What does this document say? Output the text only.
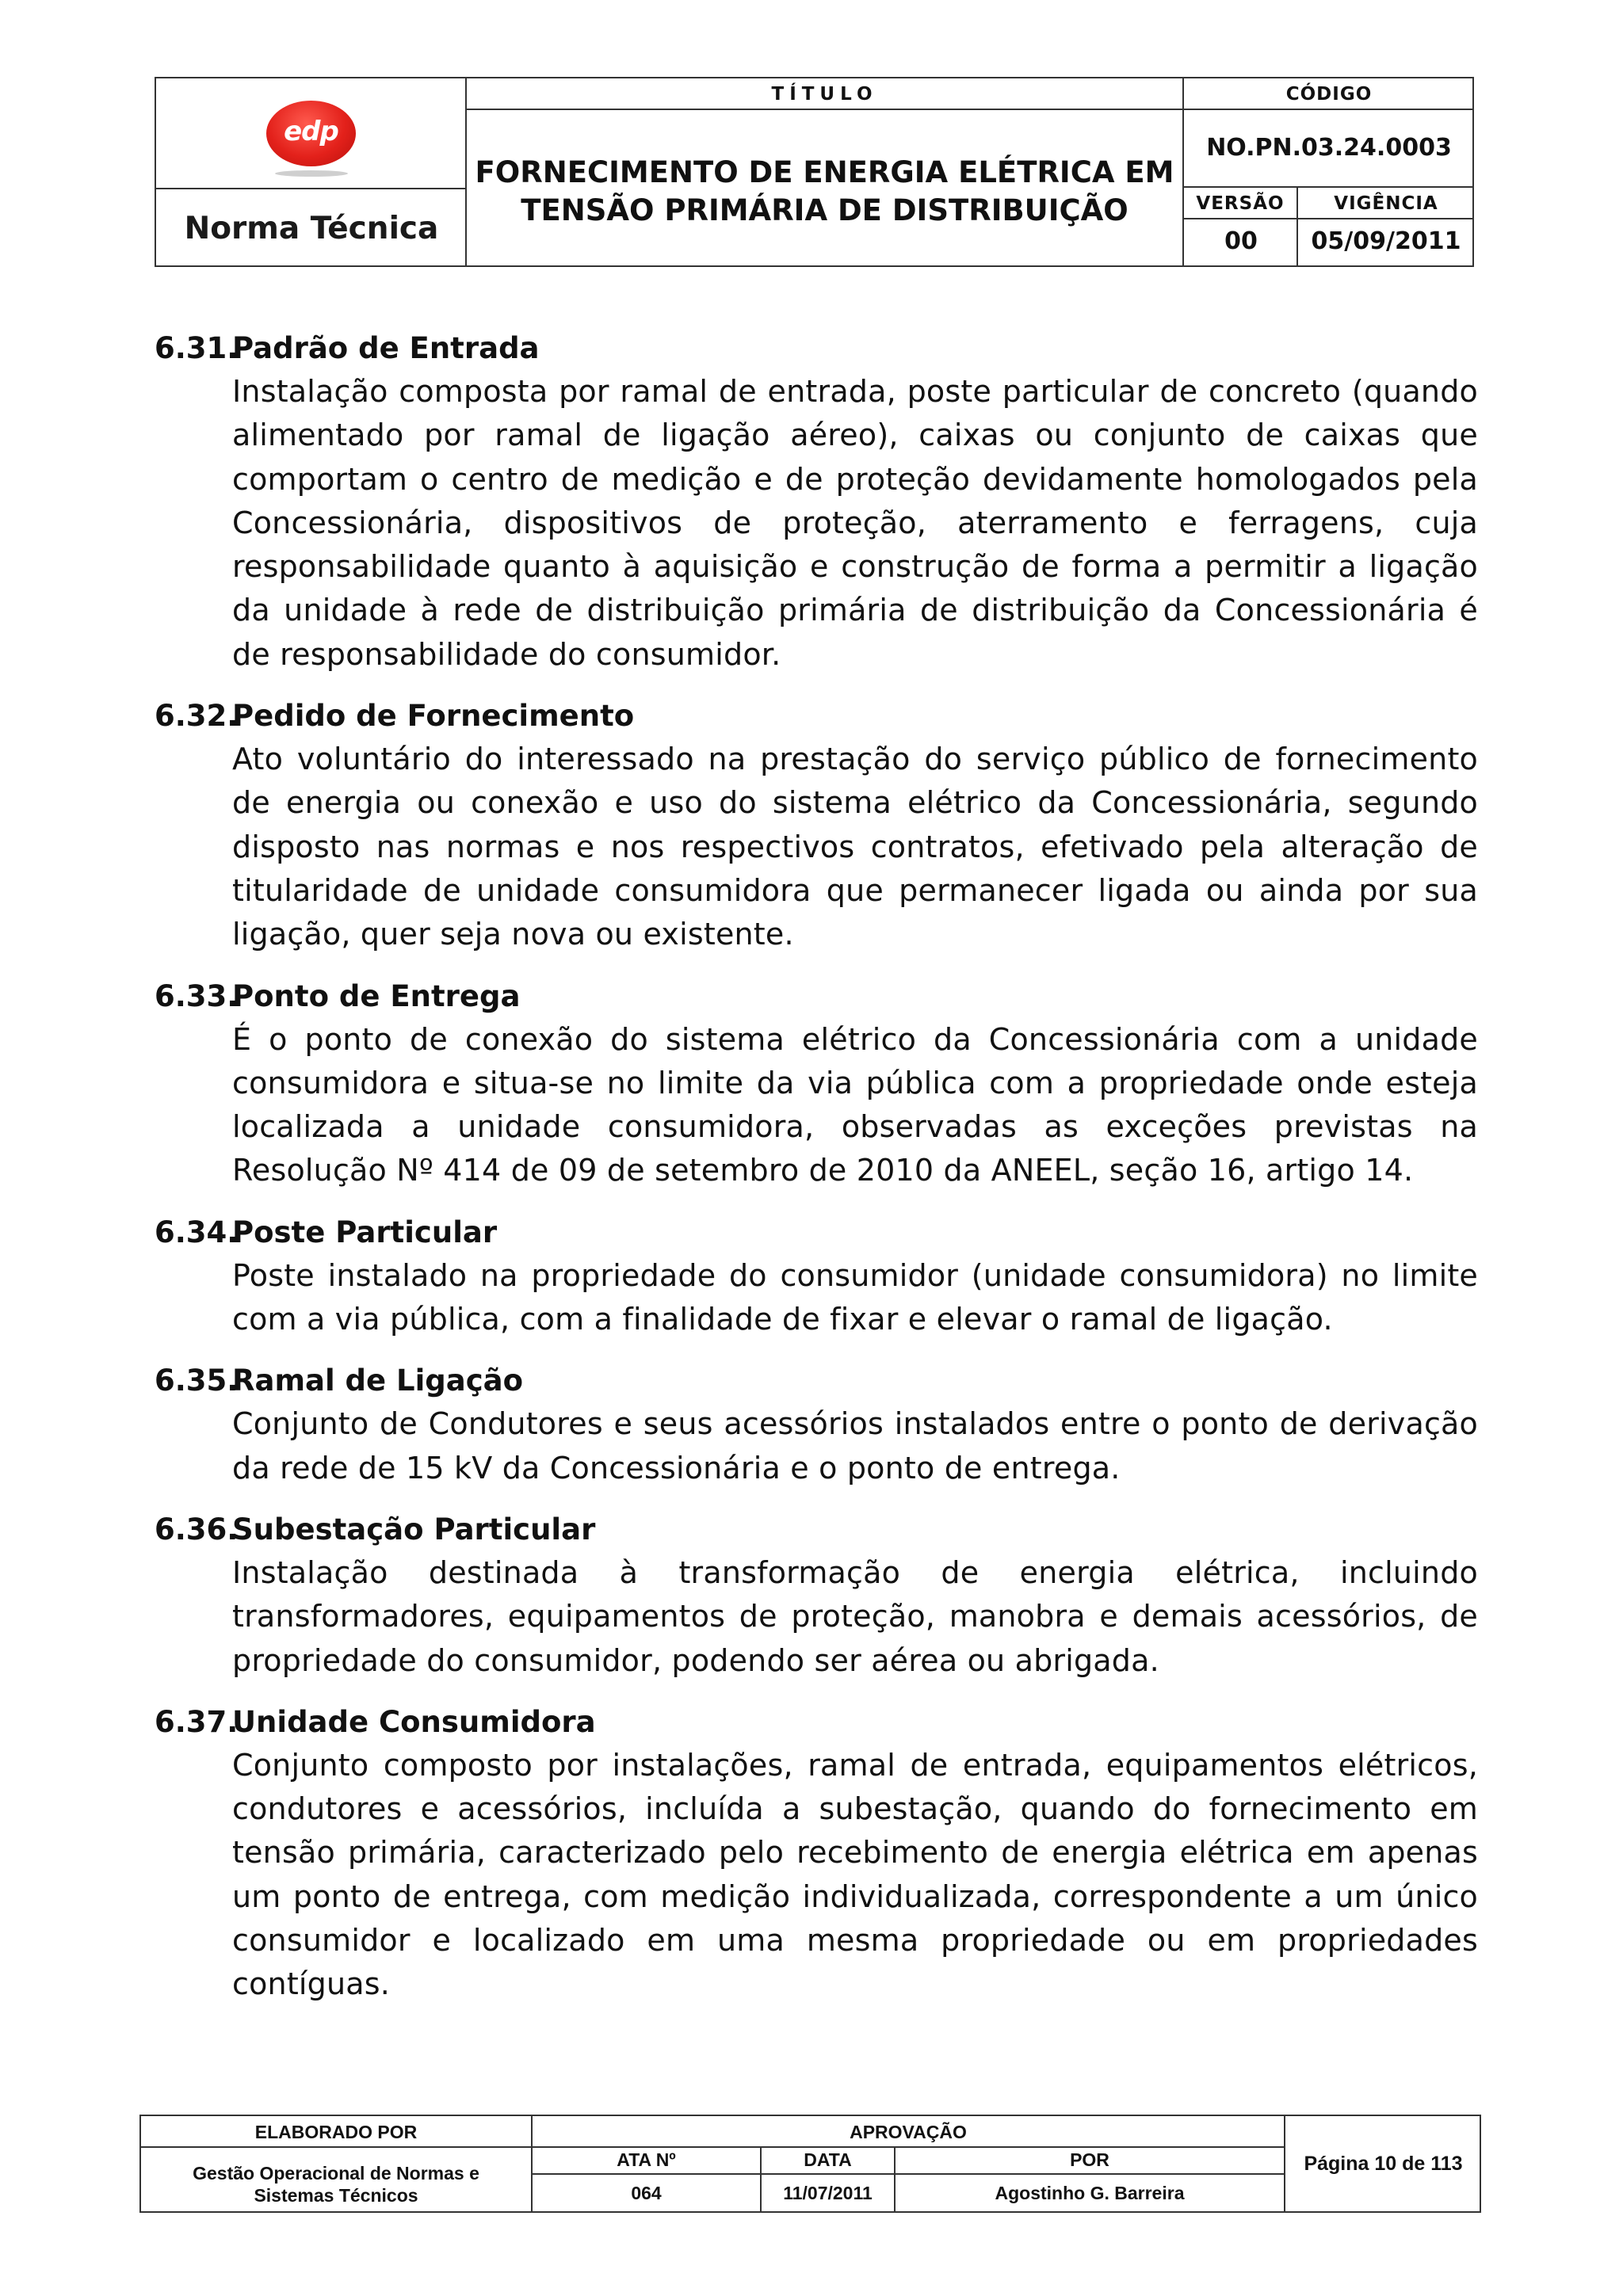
edp
Norma Técnica
TÍTULO
FORNECIMENTO DE ENERGIA ELÉTRICA EM
TENSÃO PRIMÁRIA DE DISTRIBUIÇÃO
CÓDIGO
NO.PN.03.24.0003
VERSÃO	VIGÊNCIA
00	05/09/2011

6.31.Padrão de Entrada

Instalação composta por ramal de entrada, poste particular de concreto (quando alimentado por ramal de ligação aéreo), caixas ou conjunto de caixas que comportam o centro de medição e de proteção devidamente homologados pela Concessionária, dispositivos de proteção, aterramento e ferragens, cuja responsabilidade quanto à aquisição e construção de forma a permitir a ligação da unidade à rede de distribuição primária de distribuição da Concessionária é de responsabilidade do consumidor.

6.32.Pedido de Fornecimento

Ato voluntário do interessado na prestação do serviço público de fornecimento de energia ou conexão e uso do sistema elétrico da Concessionária, segundo disposto nas normas e nos respectivos contratos, efetivado pela alteração de titularidade de unidade consumidora que permanecer ligada ou ainda por sua ligação, quer seja nova ou existente.

6.33.Ponto de Entrega

É o ponto de conexão do sistema elétrico da Concessionária com a unidade consumidora e situa-se no limite da via pública com a propriedade onde esteja localizada a unidade consumidora, observadas as exceções previstas na Resolução Nº 414 de 09 de setembro de 2010 da ANEEL, seção 16, artigo 14.

6.34.Poste Particular

Poste instalado na propriedade do consumidor (unidade consumidora) no limite com a via pública, com a finalidade de fixar e elevar o ramal de ligação.

6.35.Ramal de Ligação

Conjunto de Condutores e seus acessórios instalados entre o ponto de derivação da rede de 15 kV da Concessionária e o ponto de entrega.

6.36.Subestação Particular

Instalação destinada à transformação de energia elétrica, incluindo transformadores, equipamentos de proteção, manobra e demais acessórios, de propriedade do consumidor, podendo ser aérea ou abrigada.

6.37.Unidade Consumidora

Conjunto composto por instalações, ramal de entrada, equipamentos elétricos, condutores e acessórios, incluída a subestação, quando do fornecimento em tensão primária, caracterizado pelo recebimento de energia elétrica em apenas um ponto de entrega, com medição individualizada, correspondente a um único consumidor e localizado em uma mesma propriedade ou em propriedades contíguas.

ELABORADO POR
Gestão Operacional de Normas e
Sistemas Técnicos
APROVAÇÃO
ATA Nº	DATA	POR
064	11/07/2011	Agostinho G. Barreira
Página 10 de 113
